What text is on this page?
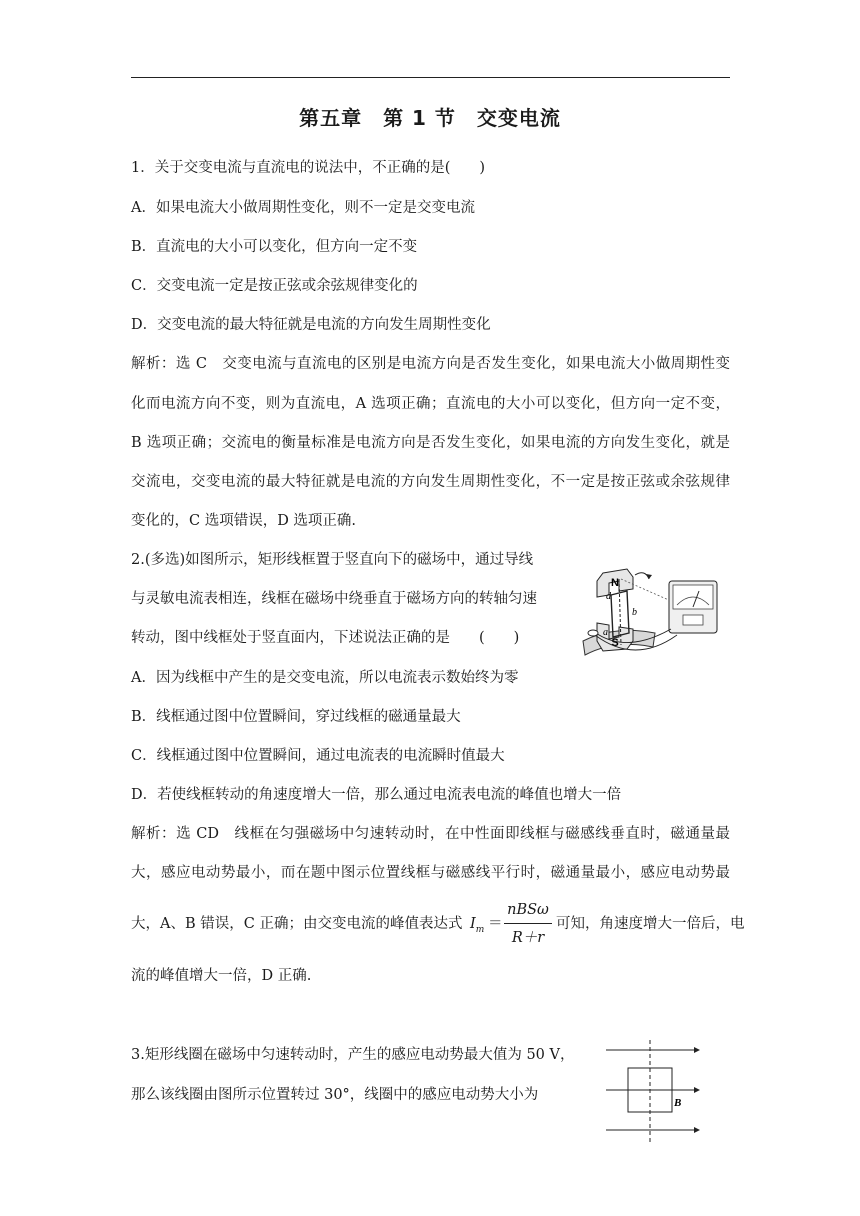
第五章　第 1 节　交变电流
1．关于交变电流与直流电的说法中，不正确的是(　　)
A．如果电流大小做周期性变化，则不一定是交变电流
B．直流电的大小可以变化，但方向一定不变
C．交变电流一定是按正弦或余弦规律变化的
D．交变电流的最大特征就是电流的方向发生周期性变化
解析：选 C　交变电流与直流电的区别是电流方向是否发生变化，如果电流大小做周期性变
化而电流方向不变，则为直流电，A 选项正确；直流电的大小可以变化，但方向一定不变，
B 选项正确；交流电的衡量标准是电流方向是否发生变化，如果电流的方向发生变化，就是
交流电，交变电流的最大特征就是电流的方向发生周期性变化，不一定是按正弦或余弦规律
变化的，C 选项错误，D 选项正确.
2.(多选)如图所示，矩形线框置于竖直向下的磁场中，通过导线
与灵敏电流表相连，线框在磁场中绕垂直于磁场方向的转轴匀速
转动，图中线框处于竖直面内，下述说法正确的是　　(　　)
N
S
d
b
a
A．因为线框中产生的是交变电流，所以电流表示数始终为零
B．线框通过图中位置瞬间，穿过线框的磁通量最大
C．线框通过图中位置瞬间，通过电流表的电流瞬时值最大
D．若使线框转动的角速度增大一倍，那么通过电流表电流的峰值也增大一倍
解析：选 CD　线框在匀强磁场中匀速转动时，在中性面即线框与磁感线垂直时，磁通量最
大，感应电动势最小，而在题中图示位置线框与磁感线平行时，磁通量最小，感应电动势最
大，A、B 错误，C 正确；由交变电流的峰值表达式 $I_m$ ＝
nBSω
R＋r
可知，角速度增大一倍后，电
流的峰值增大一倍，D 正确.
3.矩形线圈在磁场中匀速转动时，产生的感应电动势最大值为 50 V，
那么该线圈由图所示位置转过 30°，线圈中的感应电动势大小为	B
